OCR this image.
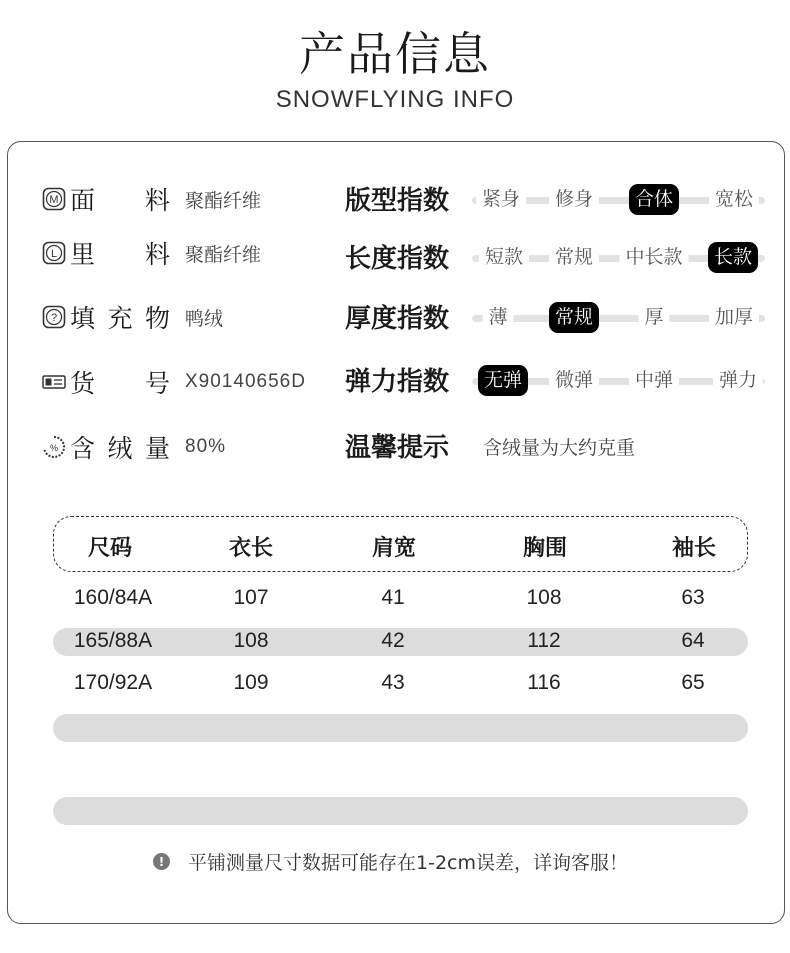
产品信息
SNOWFLYING INFO
M 面 料 聚酯纤维
L 里 料 聚酯纤维
? 填 充 物 鸭绒
货 号 X90140656D
% 含 绒 量 80%
版型指数	紧身	修身	合体	宽松
长度指数	短款	常规	中长款	长款
厚度指数	薄	常规	厚	加厚
弹力指数	无弹	微弹	中弹	弹力
温馨提示 含绒量为大约克重
尺码	衣长	肩宽	胸围	袖长
160/84A	107	41	108	63
165/88A	108	42	112	64
170/92A	109	43	116	65
!	平铺测量尺寸数据可能存在1-2cm误差，详询客服！
